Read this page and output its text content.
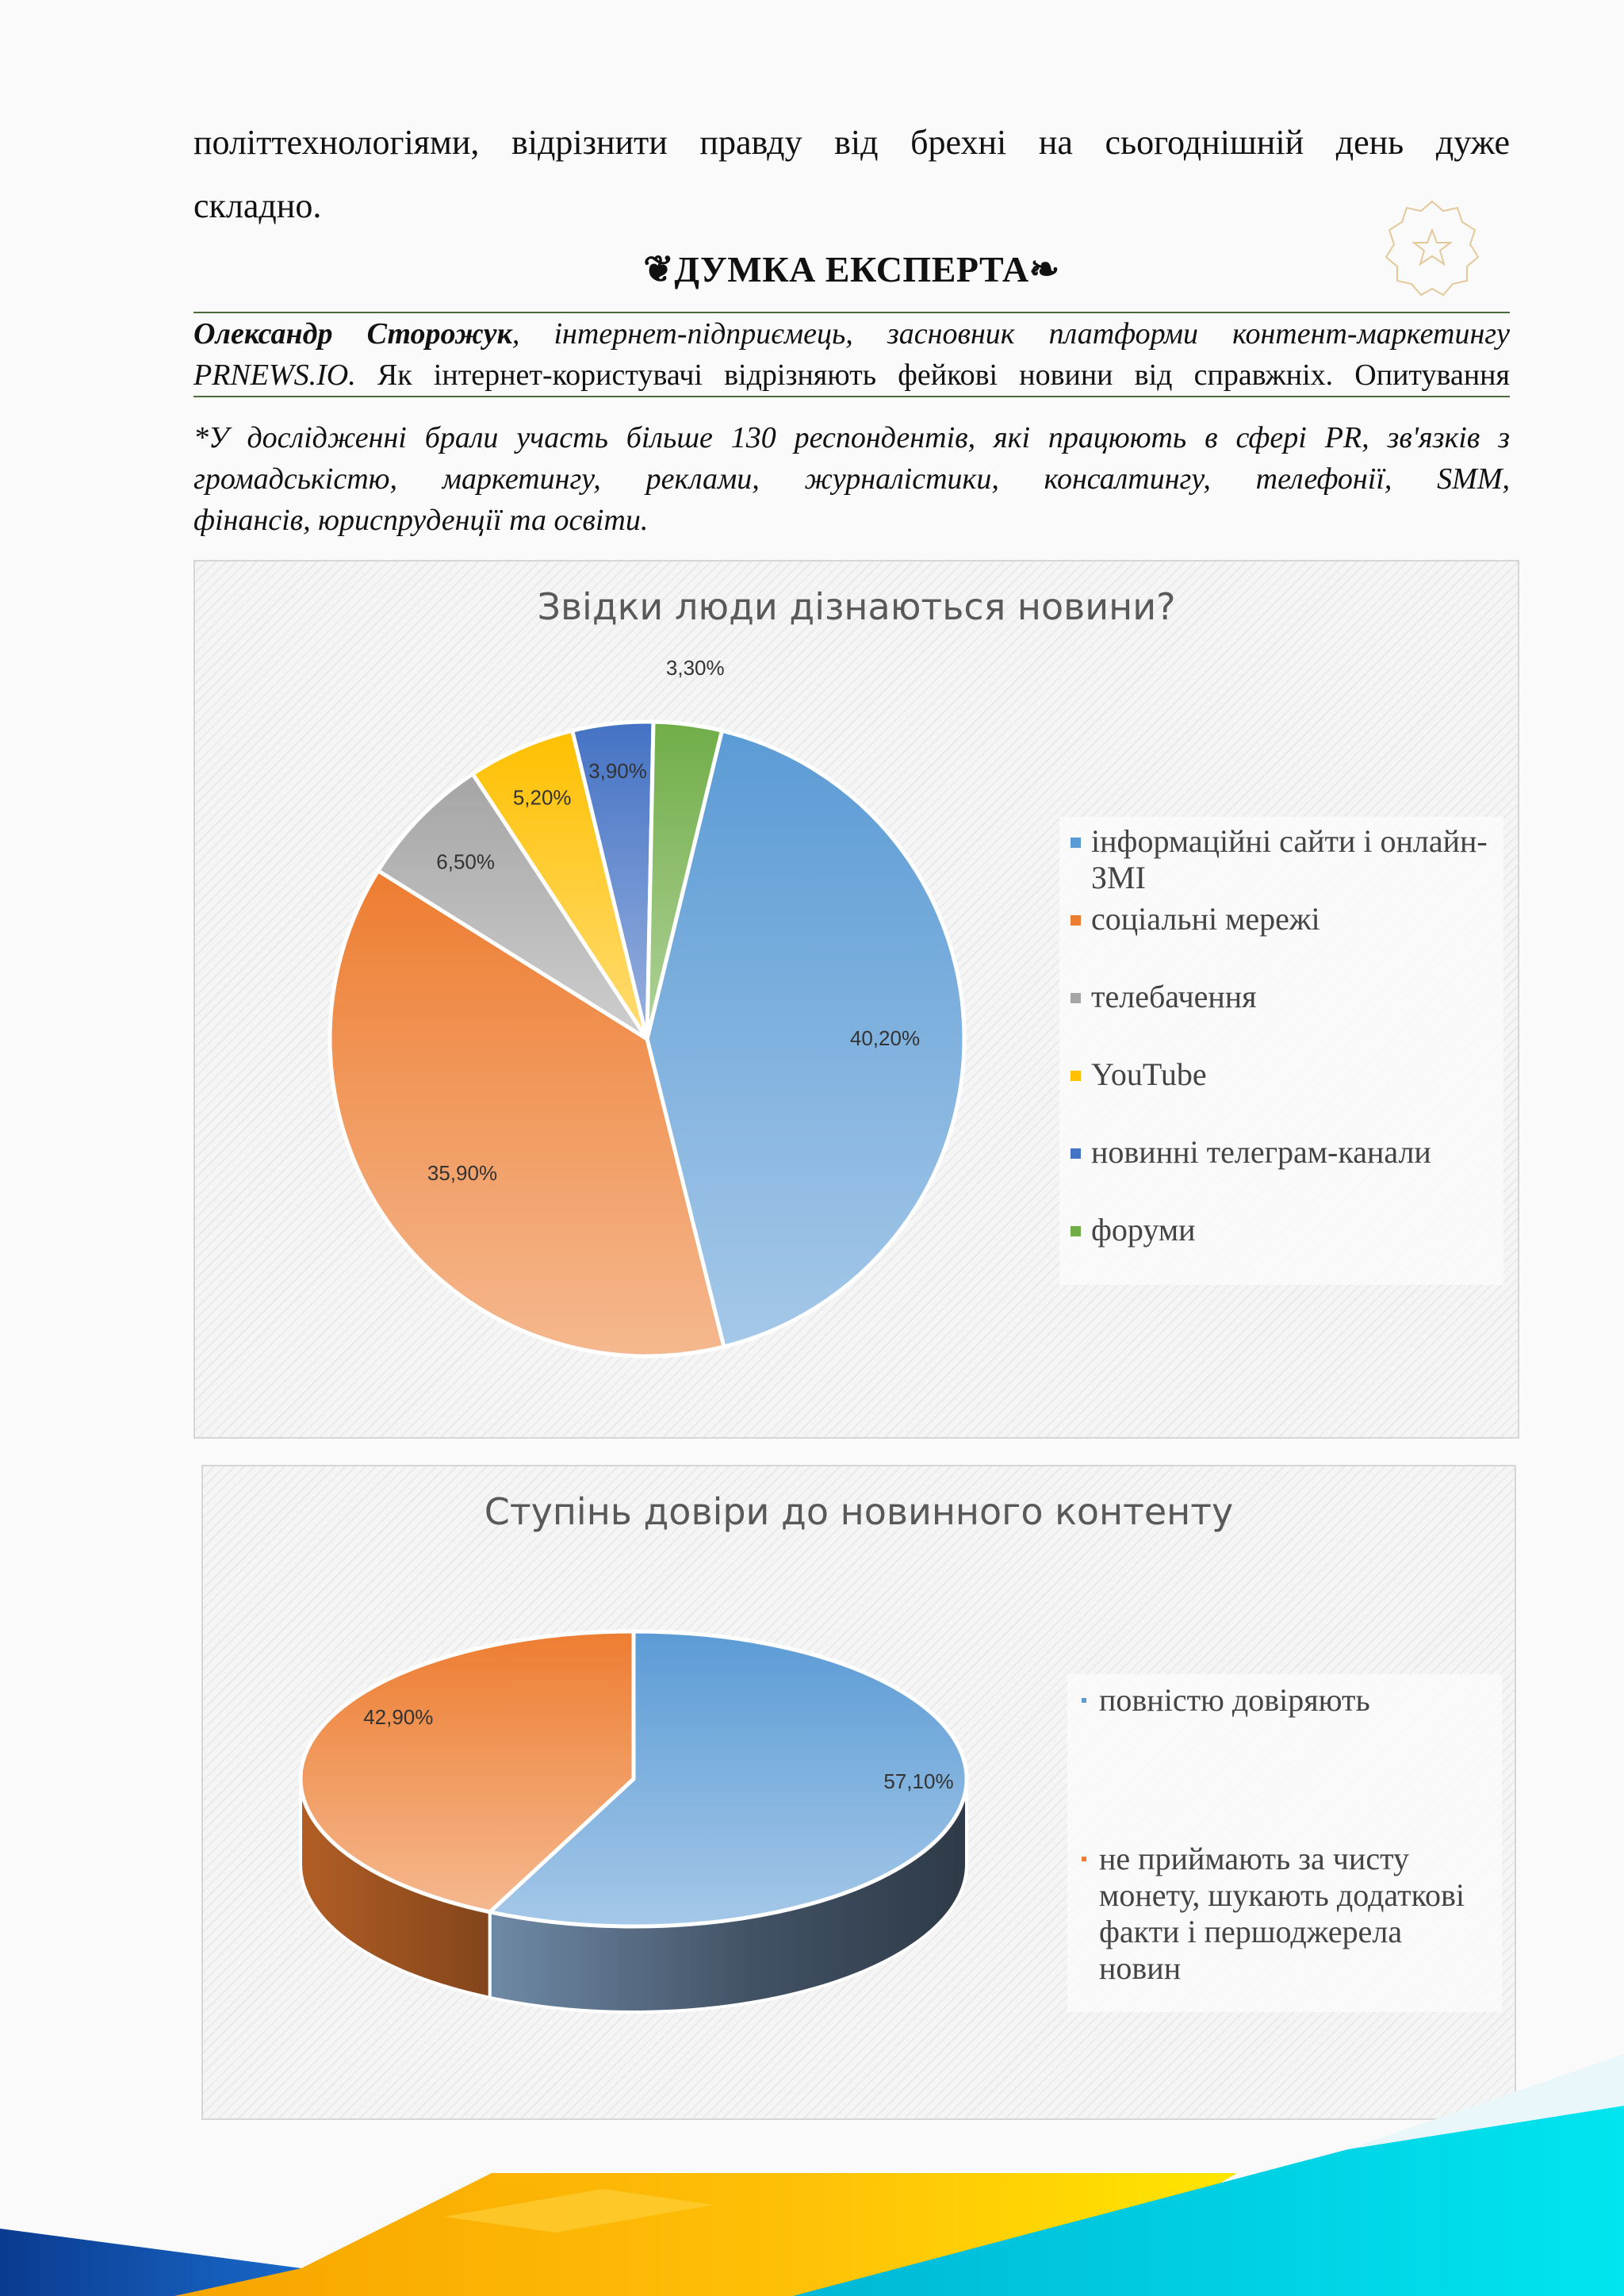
політтехнологіями, відрізнити правду від брехні на сьогоднішній день дуже
складно.
❦ДУМКА ЕКСПЕРТА❧
Олександр Сторожук, інтернет-підприємець, засновник платформи контент-маркетингу
PRNEWS.IO. Як інтернет-користувачі відрізняють фейкові новини від справжніх. Опитування
*У дослідженні брали участь більше 130 респондентів, які працюють в сфері PR, зв'язків з
громадськістю, маркетингу, реклами, журналістики, консалтингу, телефонії, SMM,
фінансів, юриспруденції та освіти.
Звідки люди дізнаються новини?
40,20%
35,90%
6,50%
5,20%
3,90%
3,30%
інформаційні сайти і онлайн-
ЗМІ
соціальні мережі
телебачення
YouTube
новинні телеграм-канали
форуми
Ступінь довіри до новинного контенту
57,10%
42,90%	повністю довіряють
не приймають за чисту
монету, шукають додаткові
факти і першоджерела
новин
